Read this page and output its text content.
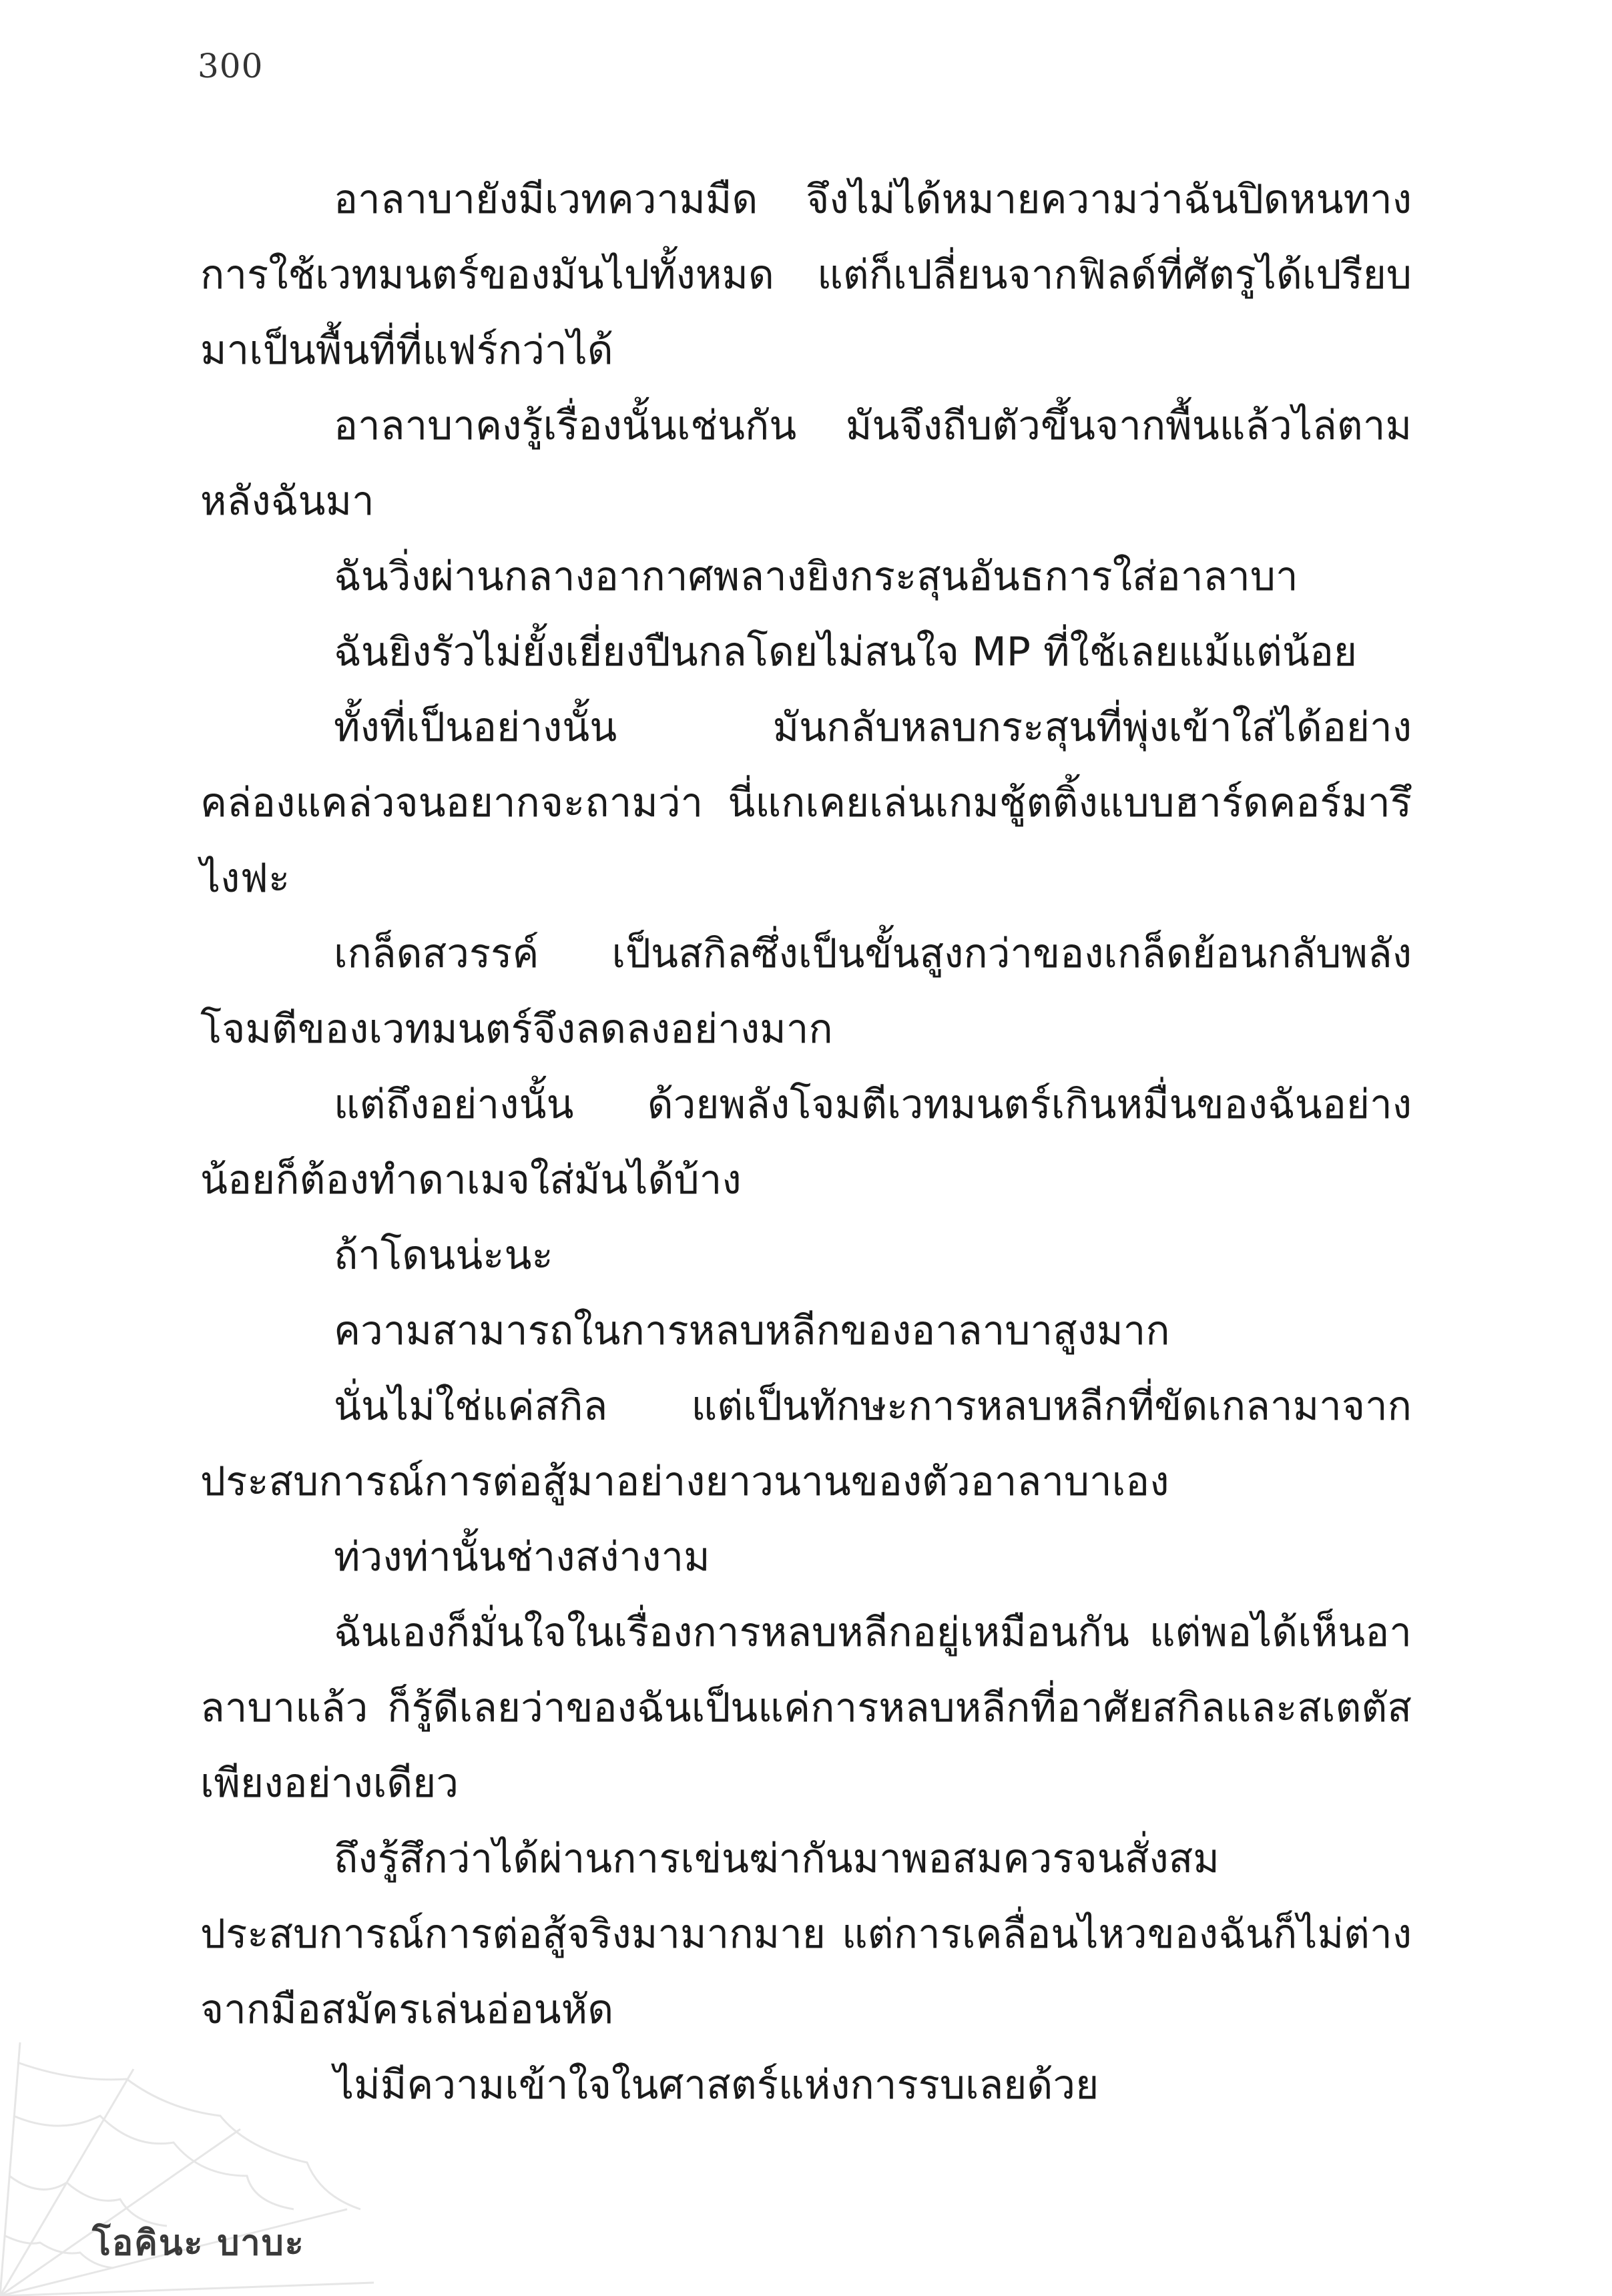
300

อาลาบายังมีเวทความมืด จึงไม่ได้หมายความว่าฉันปิดหนทางการใช้เวทมนตร์ของมันไปทั้งหมด แต่ก็เปลี่ยนจากฟิลด์ที่ศัตรูได้เปรียบมาเป็นพื้นที่ที่แฟร์กว่าได้

อาลาบาคงรู้เรื่องนั้นเช่นกัน มันจึงถีบตัวขึ้นจากพื้นแล้วไล่ตามหลังฉันมา

ฉันวิ่งผ่านกลางอากาศพลางยิงกระสุนอันธการใส่อาลาบา

ฉันยิงรัวไม่ยั้งเยี่ยงปืนกลโดยไม่สนใจ MP ที่ใช้เลยแม้แต่น้อย

ทั้งที่เป็นอย่างนั้น มันกลับหลบกระสุนที่พุ่งเข้าใส่ได้อย่างคล่องแคล่วจนอยากจะถามว่า นี่แกเคยเล่นเกมชู้ตติ้งแบบฮาร์ดคอร์มารึไงฟะ

เกล็ดสวรรค์ เป็นสกิลซึ่งเป็นขั้นสูงกว่าของเกล็ดย้อนกลับพลังโจมตีของเวทมนตร์จึงลดลงอย่างมาก

แต่ถึงอย่างนั้น ด้วยพลังโจมตีเวทมนตร์เกินหมื่นของฉันอย่างน้อยก็ต้องทำดาเมจใส่มันได้บ้าง

ถ้าโดนน่ะนะ

ความสามารถในการหลบหลีกของอาลาบาสูงมาก

นั่นไม่ใช่แค่สกิล แต่เป็นทักษะการหลบหลีกที่ขัดเกลามาจากประสบการณ์การต่อสู้มาอย่างยาวนานของตัวอาลาบาเอง

ท่วงท่านั้นช่างสง่างาม

ฉันเองก็มั่นใจในเรื่องการหลบหลีกอยู่เหมือนกัน แต่พอได้เห็นอาลาบาแล้ว ก็รู้ดีเลยว่าของฉันเป็นแค่การหลบหลีกที่อาศัยสกิลและสเตตัสเพียงอย่างเดียว

ถึงรู้สึกว่าได้ผ่านการเข่นฆ่ากันมาพอสมควรจนสั่งสมประสบการณ์การต่อสู้จริงมามากมาย แต่การเคลื่อนไหวของฉันก็ไม่ต่างจากมือสมัครเล่นอ่อนหัด

ไม่มีความเข้าใจในศาสตร์แห่งการรบเลยด้วย

โอคินะ บาบะ
